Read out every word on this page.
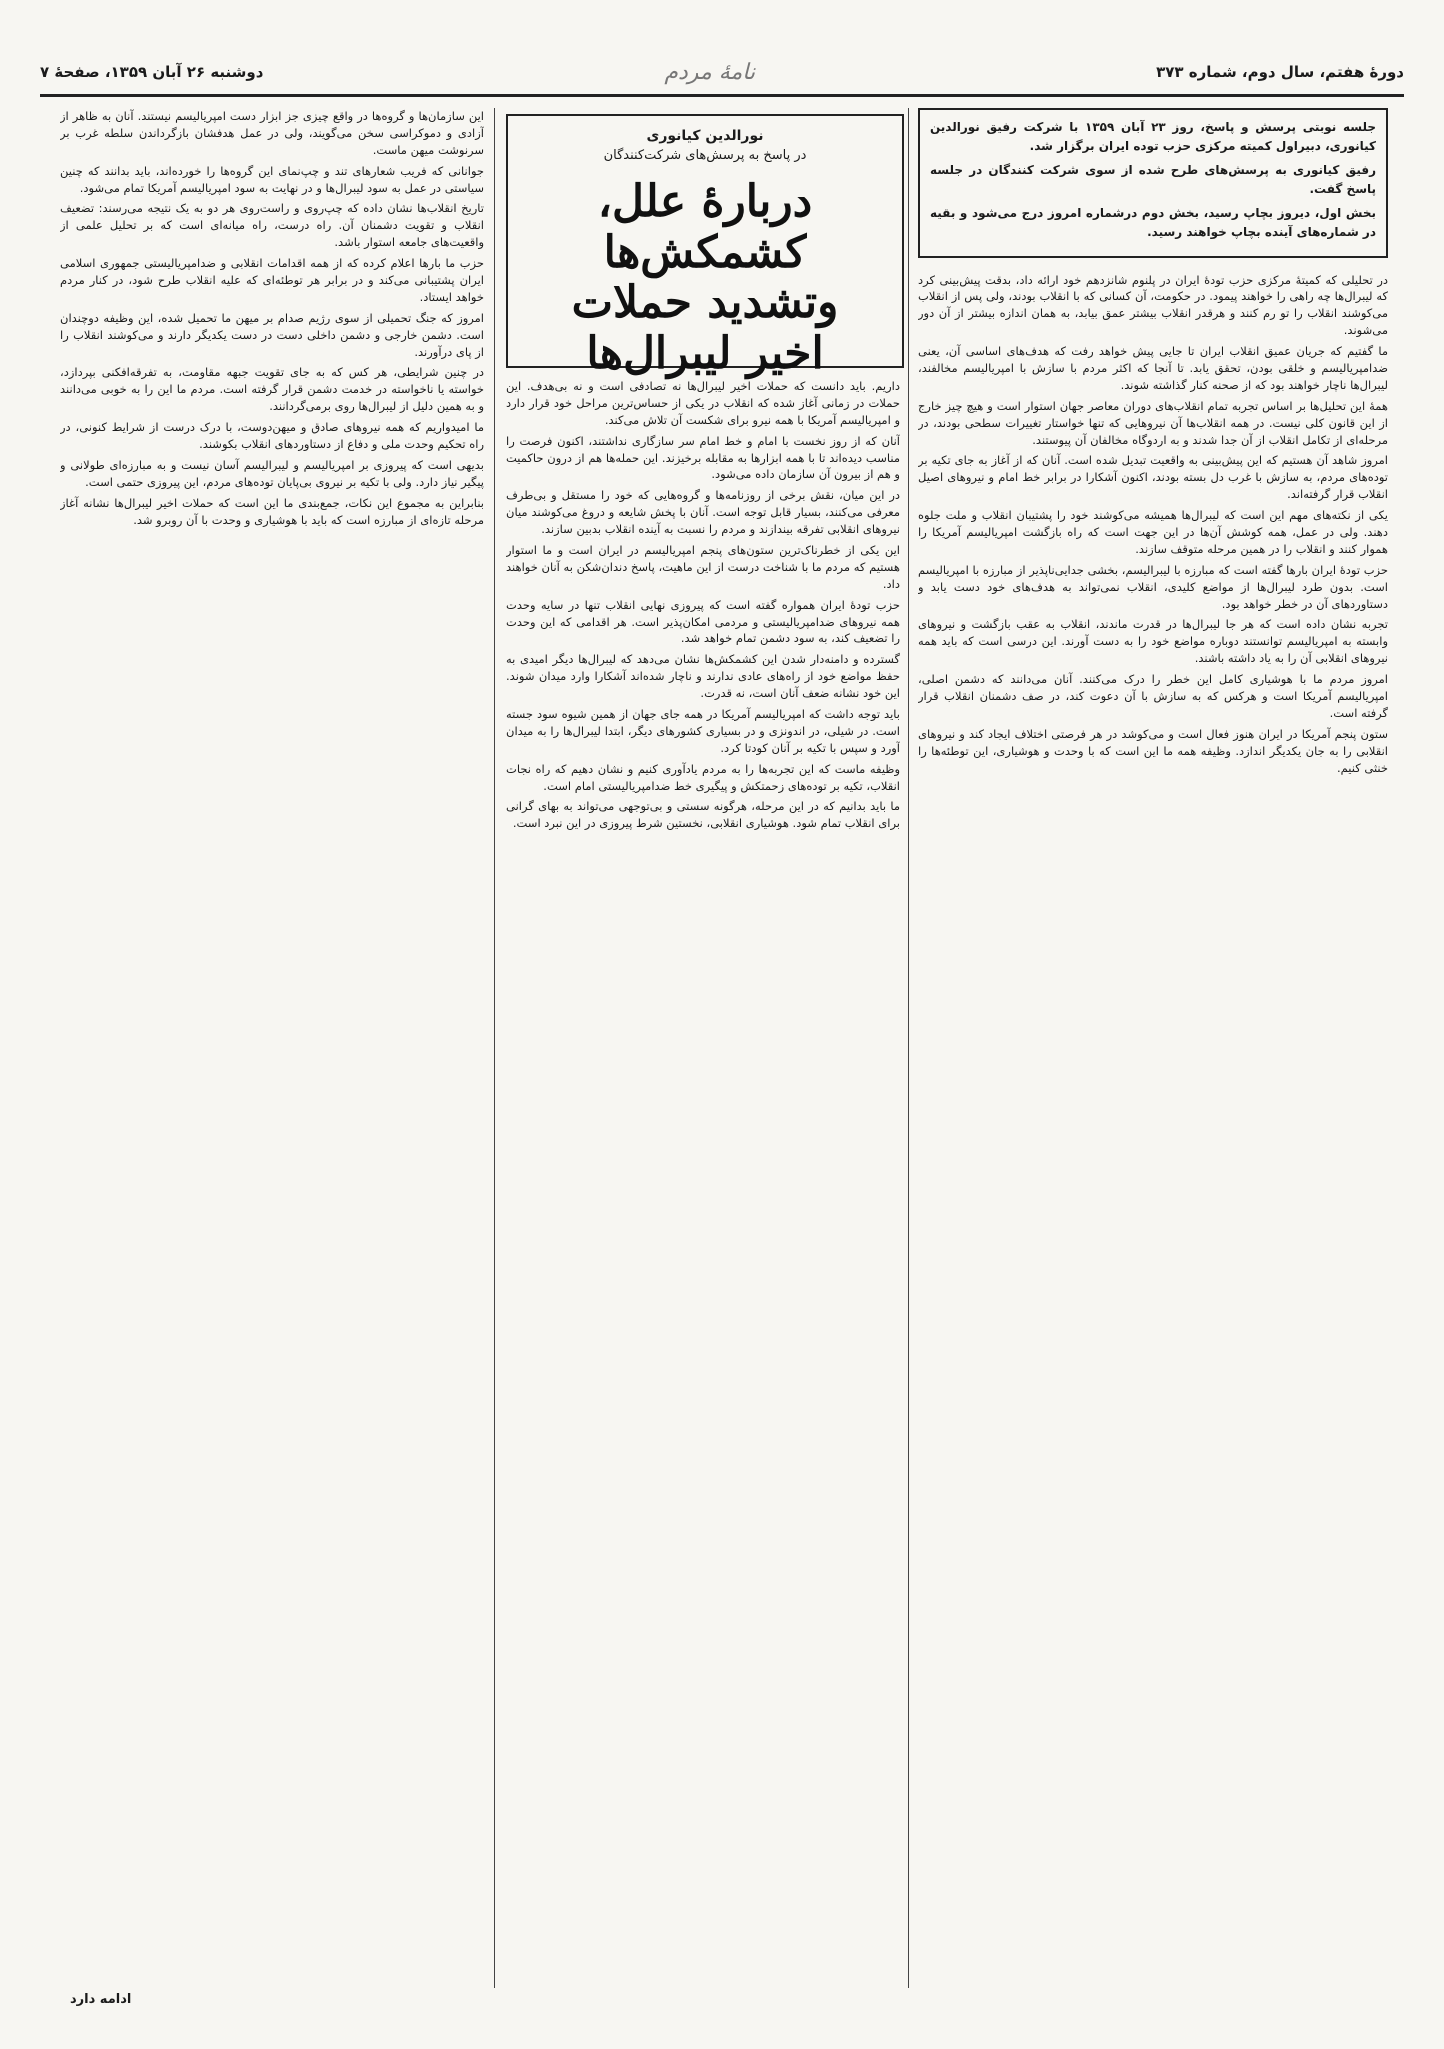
دورهٔ هفتم، سال دوم، شماره ۳۷۳
نامهٔ مردم
دوشنبه ۲۶ آبان ۱۳۵۹، صفحهٔ ۷
نورالدین کیانوری
در پاسخ به پرسش‌های شرکت‌کنندگان
دربارهٔ علل، کشمکش‌ها
وتشدید حملات
اخیر لیبرال‌ها

جلسه نوبتی پرسش و پاسخ، روز ۲۳ آبان ۱۳۵۹ با شرکت رفیق نورالدین کیانوری، دبیراول کمیته مرکزی حزب توده ایران برگزار شد.

رفیق کیانوری به پرسش‌های طرح شده از سوی شرکت کنندگان در جلسه پاسخ گفت.

بخش اول، دیروز بچاپ رسید، بخش دوم درشماره امروز درج می‌شود و بقیه در شماره‌های آینده بچاپ خواهند رسید.

در تحلیلی که کمیتهٔ مرکزی حزب تودهٔ ایران در پلنوم شانزدهم خود ارائه داد، بدقت پیش‌بینی کرد که لیبرال‌ها چه راهی را خواهند پیمود. در حکومت، آن کسانی که با انقلاب بودند، ولی پس از انقلاب می‌کوشند انقلاب را تو رم کنند و هرقدر انقلاب بیشتر عمق بیابد، به همان اندازه بیشتر از آن دور می‌شوند.

ما گفتیم که جریان عمیق انقلاب ایران تا جایی پیش خواهد رفت که هدف‌های اساسی آن، یعنی ضدامپریالیسم و خلقی بودن، تحقق یابد. تا آنجا که اکثر مردم با سازش با امپریالیسم مخالفند، لیبرال‌ها ناچار خواهند بود که از صحنه کنار گذاشته شوند.

همهٔ این تحلیل‌ها بر اساس تجربه تمام انقلاب‌های دوران معاصر جهان استوار است و هیچ چیز خارج از این قانون کلی نیست. در همه انقلاب‌ها آن نیروهایی که تنها خواستار تغییرات سطحی بودند، در مرحله‌ای از تکامل انقلاب از آن جدا شدند و به اردوگاه مخالفان آن پیوستند.

امروز شاهد آن هستیم که این پیش‌بینی به واقعیت تبدیل شده است. آنان که از آغاز به جای تکیه بر توده‌های مردم، به سازش با غرب دل بسته بودند، اکنون آشکارا در برابر خط امام و نیروهای اصیل انقلاب قرار گرفته‌اند.

یکی از نکته‌های مهم این است که لیبرال‌ها همیشه می‌کوشند خود را پشتیبان انقلاب و ملت جلوه دهند. ولی در عمل، همه کوشش آن‌ها در این جهت است که راه بازگشت امپریالیسم آمریکا را هموار کنند و انقلاب را در همین مرحله متوقف سازند.

حزب تودهٔ ایران بارها گفته است که مبارزه با لیبرالیسم، بخشی جدایی‌ناپذیر از مبارزه با امپریالیسم است. بدون طرد لیبرال‌ها از مواضع کلیدی، انقلاب نمی‌تواند به هدف‌های خود دست یابد و دستاوردهای آن در خطر خواهد بود.

تجربه نشان داده است که هر جا لیبرال‌ها در قدرت ماندند، انقلاب به عقب بازگشت و نیروهای وابسته به امپریالیسم توانستند دوباره مواضع خود را به دست آورند. این درسی است که باید همه نیروهای انقلابی آن را به یاد داشته باشند.

امروز مردم ما با هوشیاری کامل این خطر را درک می‌کنند. آنان می‌دانند که دشمن اصلی، امپریالیسم آمریکا است و هرکس که به سازش با آن دعوت کند، در صف دشمنان انقلاب قرار گرفته است.

ستون پنجم آمریکا در ایران هنوز فعال است و می‌کوشد در هر فرصتی اختلاف ایجاد کند و نیروهای انقلابی را به جان یکدیگر اندازد. وظیفه همه ما این است که با وحدت و هوشیاری، این توطئه‌ها را خنثی کنیم.

داریم. باید دانست که حملات اخیر لیبرال‌ها نه تصادفی است و نه بی‌هدف. این حملات در زمانی آغاز شده که انقلاب در یکی از حساس‌ترین مراحل خود قرار دارد و امپریالیسم آمریکا با همه نیرو برای شکست آن تلاش می‌کند.

آنان که از روز نخست با امام و خط امام سر سازگاری نداشتند، اکنون فرصت را مناسب دیده‌اند تا با همه ابزارها به مقابله برخیزند. این حمله‌ها هم از درون حاکمیت و هم از بیرون آن سازمان داده می‌شود.

در این میان، نقش برخی از روزنامه‌ها و گروه‌هایی که خود را مستقل و بی‌طرف معرفی می‌کنند، بسیار قابل توجه است. آنان با پخش شایعه و دروغ می‌کوشند میان نیروهای انقلابی تفرقه بیندازند و مردم را نسبت به آینده انقلاب بدبین سازند.

این یکی از خطرناک‌ترین ستون‌های پنجم امپریالیسم در ایران است و ما استوار هستیم که مردم ما با شناخت درست از این ماهیت، پاسخ دندان‌شکن به آنان خواهند داد.

حزب تودهٔ ایران همواره گفته است که پیروزی نهایی انقلاب تنها در سایه وحدت همه نیروهای ضدامپریالیستی و مردمی امکان‌پذیر است. هر اقدامی که این وحدت را تضعیف کند، به سود دشمن تمام خواهد شد.

گسترده و دامنه‌دار شدن این کشمکش‌ها نشان می‌دهد که لیبرال‌ها دیگر امیدی به حفظ مواضع خود از راه‌های عادی ندارند و ناچار شده‌اند آشکارا وارد میدان شوند. این خود نشانه ضعف آنان است، نه قدرت.

باید توجه داشت که امپریالیسم آمریکا در همه جای جهان از همین شیوه سود جسته است. در شیلی، در اندونزی و در بسیاری کشورهای دیگر، ابتدا لیبرال‌ها را به میدان آورد و سپس با تکیه بر آنان کودتا کرد.

وظیفه ماست که این تجربه‌ها را به مردم یادآوری کنیم و نشان دهیم که راه نجات انقلاب، تکیه بر توده‌های زحمتکش و پیگیری خط ضدامپریالیستی امام است.

ما باید بدانیم که در این مرحله، هرگونه سستی و بی‌توجهی می‌تواند به بهای گرانی برای انقلاب تمام شود. هوشیاری انقلابی، نخستین شرط پیروزی در این نبرد است.

این سازمان‌ها و گروه‌ها در واقع چیزی جز ابزار دست امپریالیسم نیستند. آنان به ظاهر از آزادی و دموکراسی سخن می‌گویند، ولی در عمل هدفشان بازگرداندن سلطه غرب بر سرنوشت میهن ماست.

جوانانی که فریب شعارهای تند و چپ‌نمای این گروه‌ها را خورده‌اند، باید بدانند که چنین سیاستی در عمل به سود لیبرال‌ها و در نهایت به سود امپریالیسم آمریکا تمام می‌شود.

تاریخ انقلاب‌ها نشان داده که چپ‌روی و راست‌روی هر دو به یک نتیجه می‌رسند: تضعیف انقلاب و تقویت دشمنان آن. راه درست، راه میانه‌ای است که بر تحلیل علمی از واقعیت‌های جامعه استوار باشد.

حزب ما بارها اعلام کرده که از همه اقدامات انقلابی و ضدامپریالیستی جمهوری اسلامی ایران پشتیبانی می‌کند و در برابر هر توطئه‌ای که علیه انقلاب طرح شود، در کنار مردم خواهد ایستاد.

امروز که جنگ تحمیلی از سوی رژیم صدام بر میهن ما تحمیل شده، این وظیفه دوچندان است. دشمن خارجی و دشمن داخلی دست در دست یکدیگر دارند و می‌کوشند انقلاب را از پای درآورند.

در چنین شرایطی، هر کس که به جای تقویت جبهه مقاومت، به تفرقه‌افکنی بپردازد، خواسته یا ناخواسته در خدمت دشمن قرار گرفته است. مردم ما این را به خوبی می‌دانند و به همین دلیل از لیبرال‌ها روی برمی‌گردانند.

ما امیدواریم که همه نیروهای صادق و میهن‌دوست، با درک درست از شرایط کنونی، در راه تحکیم وحدت ملی و دفاع از دستاوردهای انقلاب بکوشند.

بدیهی است که پیروزی بر امپریالیسم و لیبرالیسم آسان نیست و به مبارزه‌ای طولانی و پیگیر نیاز دارد. ولی با تکیه بر نیروی بی‌پایان توده‌های مردم، این پیروزی حتمی است.

بنابراین به مجموع این نکات، جمع‌بندی ما این است که حملات اخیر لیبرال‌ها نشانه آغاز مرحله تازه‌ای از مبارزه است که باید با هوشیاری و وحدت با آن روبرو شد.

ادامه دارد
